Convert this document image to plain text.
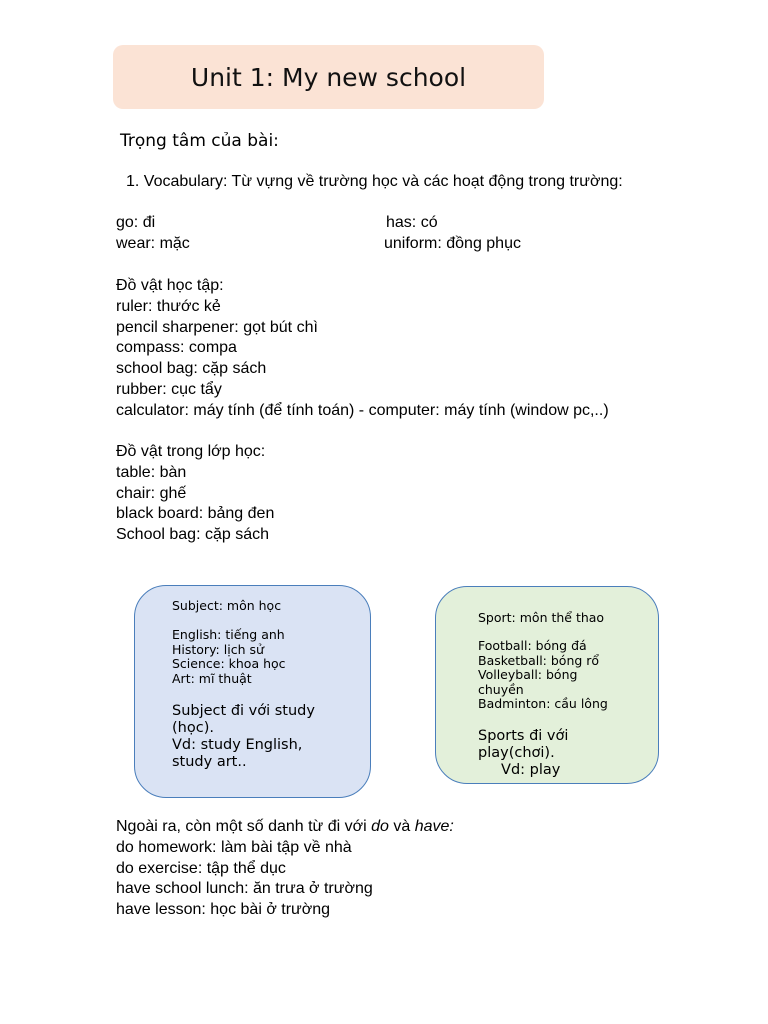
Unit 1: My new school
Trọng tâm của bài:
1. Vocabulary: Từ vựng về trường học và các hoạt động trong trường:
go: đi
wear: mặc
has: có
uniform: đồng phục
Đồ vật học tập:
ruler: thước kẻ
pencil sharpener: gọt bút chì
compass: compa
school bag: cặp sách
rubber: cục tẩy
calculator: máy tính (để tính toán) - computer: máy tính (window pc,..)
Đồ vật trong lớp học:
table: bàn
chair: ghế
black board: bảng đen
School bag: cặp sách
Subject: môn học
English: tiếng anh
History: lịch sử
Science: khoa học
Art: mĩ thuật
Subject đi với study
(học).
Vd: study English,
study art..
Sport: môn thể thao
Football: bóng đá
Basketball: bóng rổ
Volleyball: bóng
chuyền
Badminton: cầu lông
Sports đi với
play(chơi).
Vd: play
Ngoài ra, còn một số danh từ đi với do và have:
do homework: làm bài tập về nhà
do exercise: tập thể dục
have school lunch: ăn trưa ở trường
have lesson: học bài ở trường
